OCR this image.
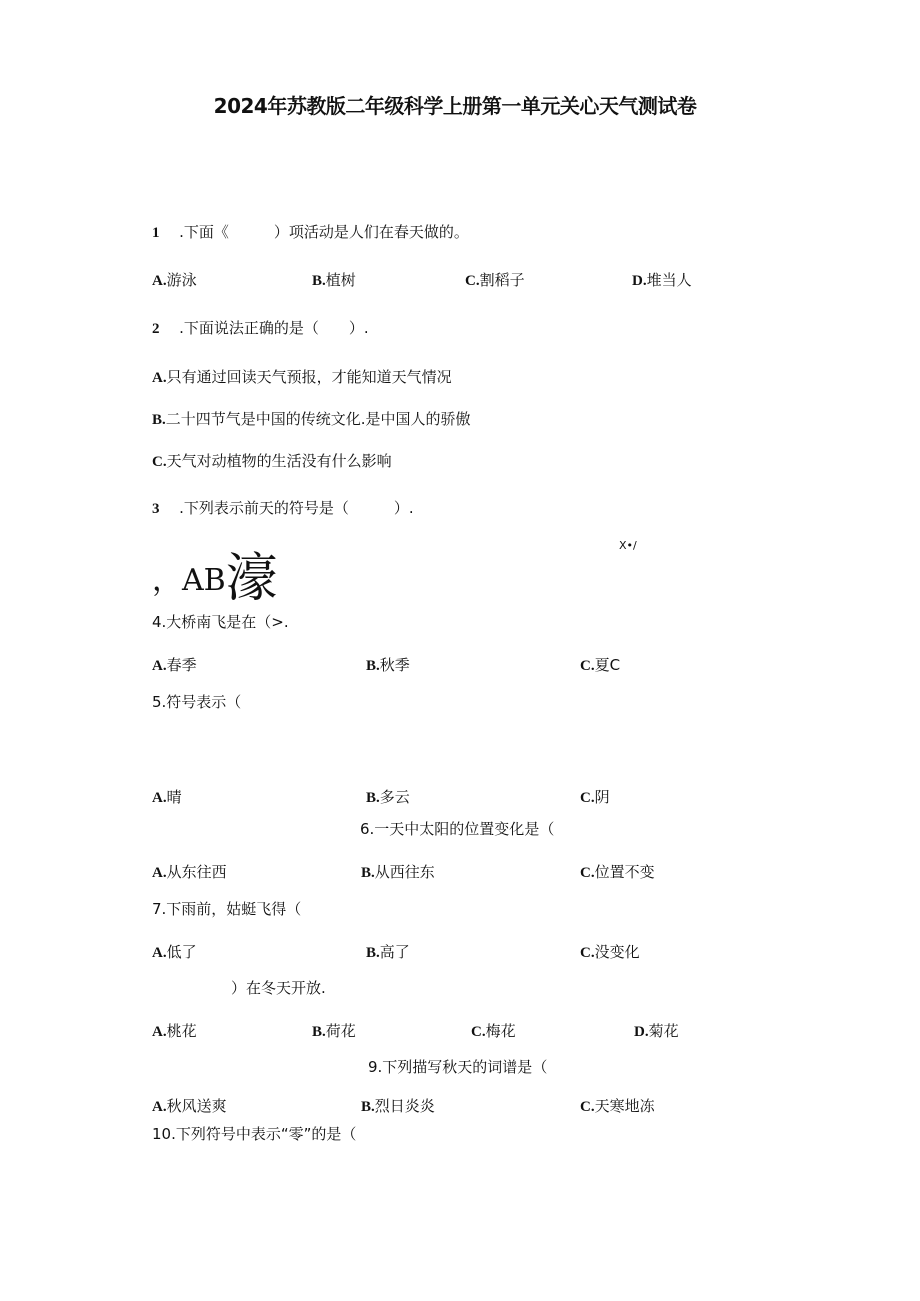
2024年苏教版二年级科学上册第一单元关心天气测试卷
1 .下面《　　　）项活动是人们在春天做的。
A.游泳	B.植树	C.割稻子	D.堆当人
2 .下面说法正确的是（　　）.
A.只有通过回读天气预报，才能知道天气情况
B.二十四节气是中国的传统文化.是中国人的骄傲
C.天气对动植物的生活没有什么影响
3 .下列表示前天的符号是（　　　）.
X•/
，AB濠
4.大桥南飞是在（>.
A.春季	B.秋季	C.夏C
5.符号表示（
A.晴	B.多云	C.阴
6.一天中太阳的位置变化是（
A.从东往西	B.从西往东	C.位置不变
7.下雨前，姑蜓飞得（
A.低了	B.高了	C.没变化
）在冬天开放.
A.桃花	B.荷花	C.梅花	D.菊花
9.下列描写秋天的词谱是（
A.秋风送爽	B.烈日炎炎	C.天寒地冻
10.下列符号中表示“零”的是（
